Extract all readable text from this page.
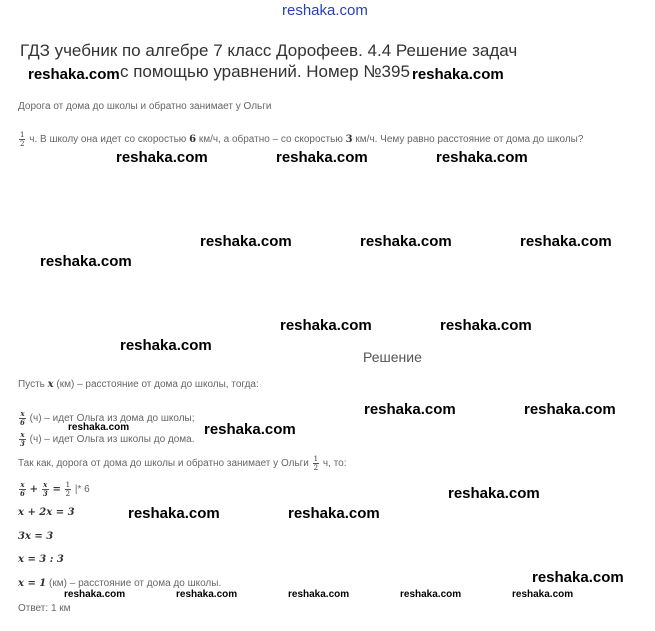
reshaka.com
ГДЗ учебник по алгебре 7 класс Дорофеев. 4.4 Решение задач
с помощью уравнений. Номер №395
Дорога от дома до школы и обратно занимает у Ольги
$\frac{1}{2} ч$. В школу она идет со скоростью 6 км/ч, а обратно – со скоростью 3 км/ч. Чему равно расстояние от дома до школы?
Решение
Пусть x (км) – расстояние от дома до школы, тогда:
$\frac{x}{6} (ч)$ – идет Ольга из дома до школы;
$\frac{x}{3} (ч)$ – идет Ольга из школы до дома.
Так как, дорога от дома до школы и обратно занимает у Ольги $\frac{1}{2} ч$, то:
$\frac{x}{6} + \frac{x}{3} = \frac{1}{2}$ |* 6
x + 2x = 3
3x = 3
x = 3 : 3
x = 1 (км) – расстояние от дома до школы.
Ответ: 1 км
reshaka.com	reshaka.com
reshaka.com	reshaka.com	reshaka.com
reshaka.com	reshaka.com	reshaka.com
reshaka.com
reshaka.com	reshaka.com
reshaka.com
reshaka.com	reshaka.com
reshaka.com
reshaka.com
reshaka.com	reshaka.com
reshaka.com
reshaka.com
reshaka.com	reshaka.com	reshaka.com	reshaka.com	reshaka.com
